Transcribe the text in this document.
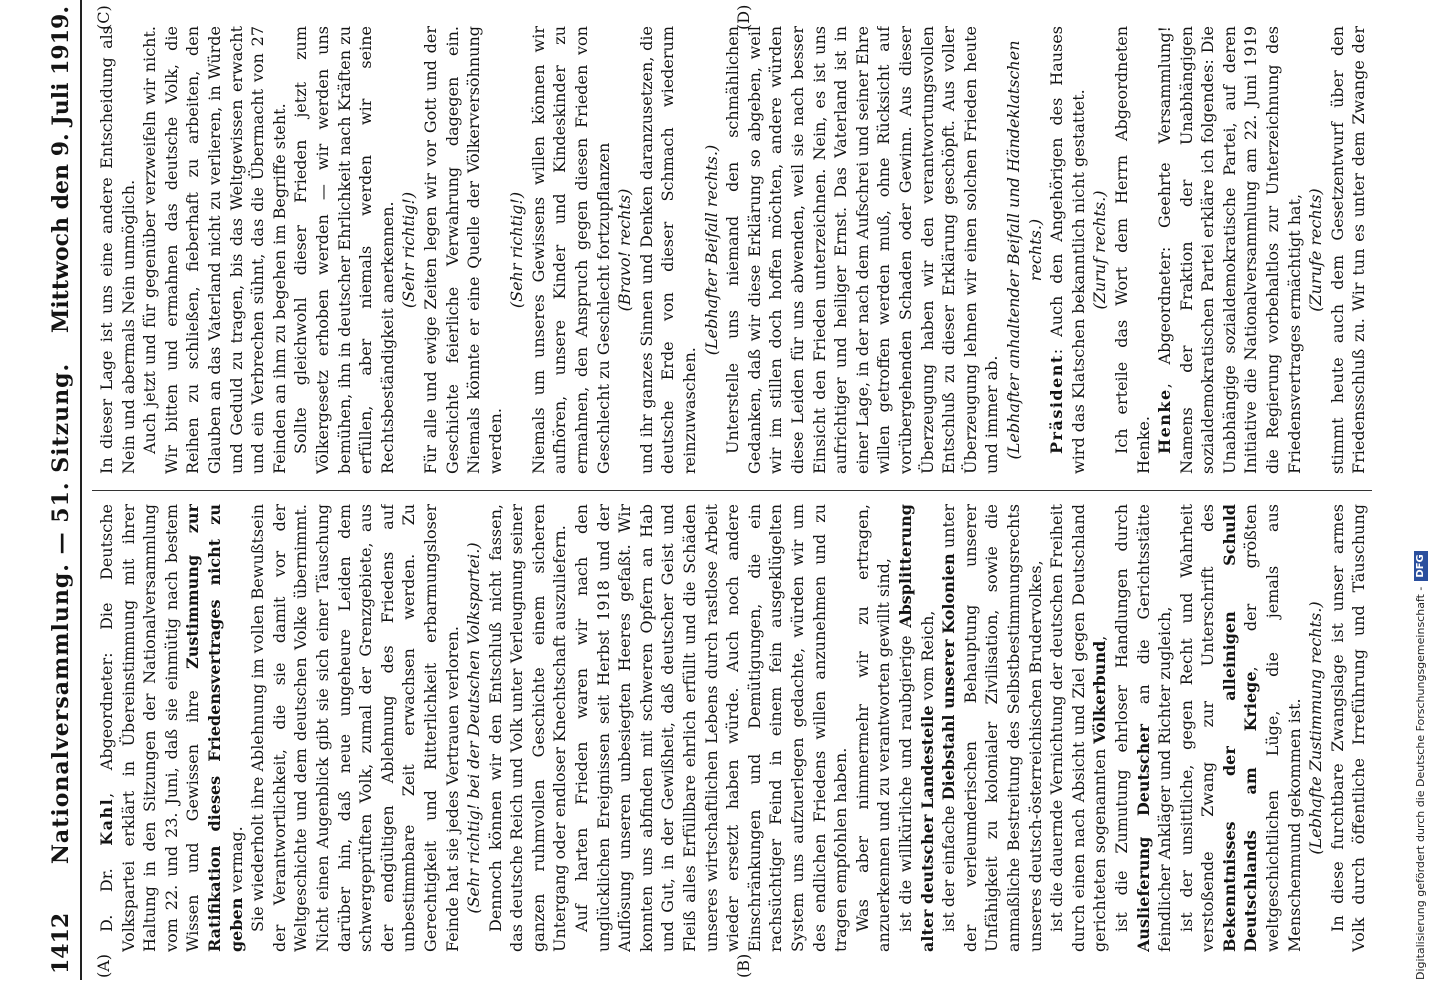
1412
Nationalversammlung. — 51. Sitzung.
Mittwoch den 9. Juli 1919.
(A)	(B)
(C)	(D)

D. Dr. Kahl, Abgeordneter: Die Deutsche Volkspartei erklärt in Übereinstimmung mit ihrer Haltung in den Sitzungen der Nationalversammlung vom 22. und 23. Juni, daß sie einmütig nach bestem Wissen und Gewissen ihre Zustimmung zur Ratifikation dieses Friedensvertrages nicht zu geben vermag. Sie wiederholt ihre Ablehnung im vollen Bewußtsein der Verantwortlichkeit, die sie damit vor der Weltgeschichte und dem deutschen Volke übernimmt. Nicht einen Augenblick gibt sie sich einer Täuschung darüber hin, daß neue ungeheure Leiden dem schwergeprüften Volk, zumal der Grenzgebiete, aus der endgültigen Ablehnung des Friedens auf unbestimmbare Zeit erwachsen werden. Zu Gerechtigkeit und Ritterlichkeit erbarmungsloser Feinde hat sie jedes Vertrauen verloren. (Sehr richtig! bei der Deutschen Volkspartei.) Dennoch können wir den Entschluß nicht fassen, das deutsche Reich und Volk unter Verleugnung seiner ganzen ruhmvollen Geschichte einem sicheren Untergang oder endloser Knechtschaft auszuliefern. Auf harten Frieden waren wir nach den unglücklichen Ereignissen seit Herbst 1918 und der Auflösung unseren unbesiegten Heeres gefaßt. Wir konnten uns abfinden mit schweren Opfern an Hab und Gut, in der Gewißheit, daß deutscher Geist und Fleiß alles Erfüllbare ehrlich erfüllt und die Schäden unseres wirtschaftlichen Lebens durch rastlose Arbeit wieder ersetzt haben würde. Auch noch andere Einschränkungen und Demütigungen, die ein rachsüchtiger Feind in einem fein ausgeklügelten System uns aufzuerlegen gedachte, würden wir um des endlichen Friedens willen anzunehmen und zu tragen empfohlen haben. Was aber nimmermehr wir zu ertragen, anzuerkennen und zu verantworten gewillt sind, ist die willkürliche und raubgierige Absplitterung alter deutscher Landesteile vom Reich,

ist der einfache Diebstahl unserer Kolonien unter der verleumderischen Behauptung unserer Unfähigkeit zu kolonialer Zivilisation, sowie die anmaßliche Bestreitung des Selbstbestimmungsrechts unseres deutsch-österreichischen Brudervolkes, ist die dauernde Vernichtung der deutschen Freiheit durch einen nach Absicht und Ziel gegen Deutschland gerichteten sogenannten Völkerbund, ist die Zumutung ehrloser Handlungen durch Auslieferung Deutscher an die Gerichtsstätte feindlicher Ankläger und Richter zugleich, ist der unsittliche, gegen Recht und Wahrheit verstoßende Zwang zur Unterschrift des Bekenntnisses der alleinigen Schuld Deutschlands am Kriege, der größten weltgeschichtlichen Lüge, die jemals aus Menschenmund gekommen ist. (Lebhafte Zustimmung rechts.)

In diese furchtbare Zwangslage ist unser armes Volk durch öffentliche Irreführung und Täuschung

In dieser Lage ist uns eine andere Entscheidung als Nein und abermals Nein unmöglich. Auch jetzt und für gegenüber verzweifeln wir nicht. Wir bitten und ermahnen das deutsche Volk, die Reihen zu schließen, fieberhaft zu arbeiten, den Glauben an das Vaterland nicht zu verlieren, in Würde und Geduld zu tragen, bis das Weltgewissen erwacht und ein Verbrechen sühnt, das die Übermacht von 27 Feinden an ihm zu begehen im Begriffe steht. Sollte gleichwohl dieser Frieden jetzt zum Völkergesetz erhoben werden — wir werden uns bemühen, ihn in deutscher Ehrlichkeit nach Kräften zu erfüllen, aber niemals werden wir seine Rechtsbeständigkeit anerkennen. (Sehr richtig!) Für alle und ewige Zeiten legen wir vor Gott und der Geschichte feierliche Verwahrung dagegen ein. Niemals könnte er eine Quelle der Völkerversöhnung werden.

(Sehr richtig!) Niemals um unseres Gewissens willen können wir aufhören, unsere Kinder und Kindeskinder zu ermahnen, den Anspruch gegen diesen Frieden von Geschlecht zu Geschlecht fortzupflanzen (Bravo! rechts) und ihr ganzes Sinnen und Denken daranzusetzen, die deutsche Erde von dieser Schmach wiederum reinzuwaschen.

(Lebhafter Beifall rechts.) Unterstelle uns niemand den schmählichen Gedanken, daß wir diese Erklärung so abgeben, weil wir im stillen doch hoffen möchten, andere würden diese Leiden für uns abwenden, weil sie nach besser Einsicht den Frieden unterzeichnen. Nein, es ist uns aufrichtiger und heiliger Ernst. Das Vaterland ist in einer Lage, in der nach dem Aufschrei und seiner Ehre willen getroffen werden muß, ohne Rücksicht auf vorübergehenden Schaden oder Gewinn. Aus dieser Überzeugung haben wir den verantwortungsvollen Entschluß zu dieser Erklärung geschöpft. Aus voller Überzeugung lehnen wir einen solchen Frieden heute und immer ab. (Lebhafter anhaltender Beifall und Händeklatschen rechts.)

Präsident: Auch den Angehörigen des Hauses wird das Klatschen bekanntlich nicht gestattet. (Zuruf rechts.) Ich erteile das Wort dem Herrn Abgeordneten Henke. Henke, Abgeordneter: Geehrte Versammlung! Namens der Fraktion der Unabhängigen sozialdemokratischen Partei erkläre ich folgendes: Die Unabhängige sozialdemokratische Partei, auf deren Initiative die Nationalversammlung am 22. Juni 1919 die Regierung vorbehaltlos zur Unterzeichnung des Friedensvertrages ermächtigt hat, (Zurufe rechts)

stimmt heute auch dem Gesetzentwurf über den Friedensschluß zu. Wir tun es unter dem Zwange der

Digitalisierung gefördert durch die Deutsche Forschungsgemeinschaft -DFG
